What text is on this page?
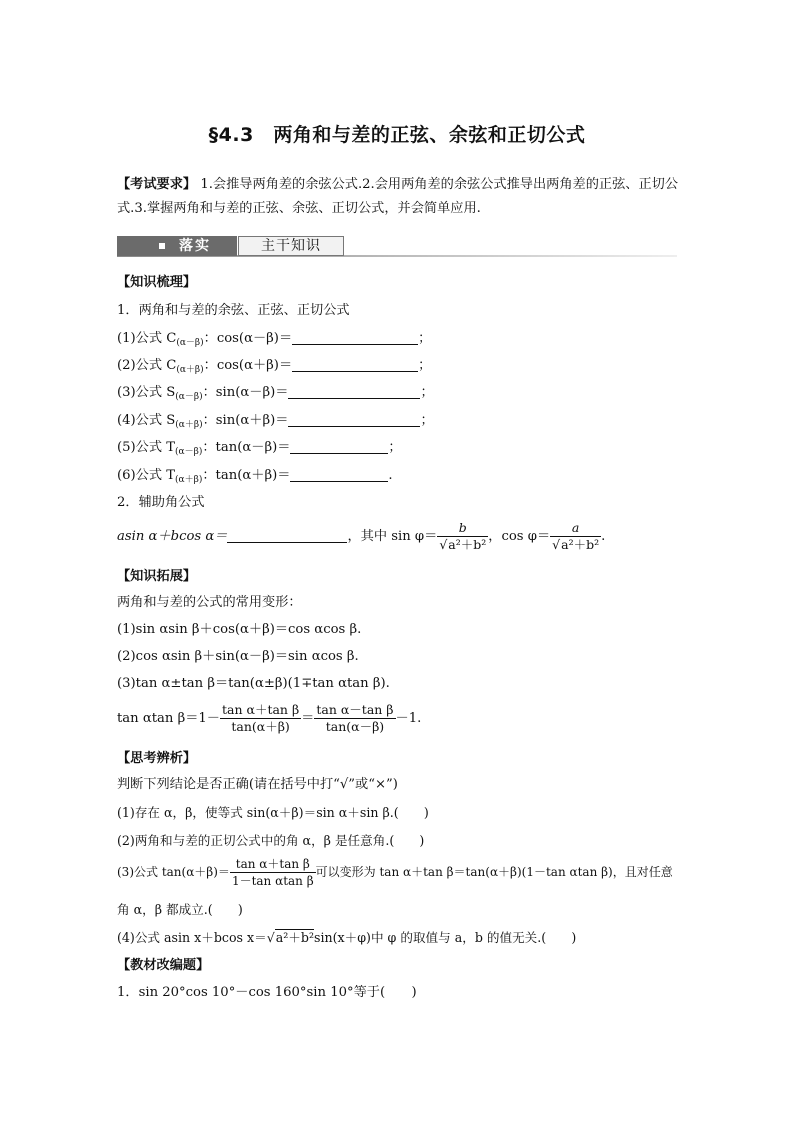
§4.3　两角和与差的正弦、余弦和正切公式
【考试要求】 1.会推导两角差的余弦公式.2.会用两角差的余弦公式推导出两角差的正弦、正切公式.3.掌握两角和与差的正弦、余弦、正切公式，并会简单应用.
落实	主干知识
【知识梳理】
1．两角和与差的余弦、正弦、正切公式
(1)公式 $C_{(\alpha-\beta)}$：cos(α－β)＝	；
(2)公式 $C_{(\alpha+\beta)}$：cos(α＋β)＝	；
(3)公式 $S_{(\alpha-\beta)}$：sin(α－β)＝	；
(4)公式 $S_{(\alpha+\beta)}$：sin(α＋β)＝	；
(5)公式 $T_{(\alpha-\beta)}$：tan(α－β)＝	；
(6)公式 $T_{(\alpha+\beta)}$：tan(α＋β)＝	.
2．辅助角公式
asin α＋bcos α＝	，其中 $\sin \varphi= \frac{b}{\text{√a²＋b²}}$ ，$\cos \varphi= \frac{a}{\text{√a²＋b²}}$ .
【知识拓展】
两角和与差的公式的常用变形：
(1)sin αsin β＋cos(α＋β)＝cos αcos β.
(2)cos αsin β＋sin(α－β)＝sin αcos β.
(3)tan α±tan β＝tan(α±β)(1∓tan αtan β).
tan αtan $\beta=1- \frac{\text{tan α＋tan β}}{\tan(\alpha+\beta)} = \frac{\text{tan α－tan β}}{\tan(\alpha-\beta)} -1$.
【思考辨析】
判断下列结论是否正确(请在括号中打“√”或“×”)
(1)存在 α，β，使等式 sin(α＋β)＝sin α＋sin β.(　　)
(2)两角和与差的正切公式中的角 α，β 是任意角.(　　)
(3)公式 $\tan(\alpha+\beta)= \frac{\text{tan α＋tan β}}{\text{1－tan αtan β}}$ 可以变形为 tan α＋tan β＝tan(α＋β)(1－tan αtan β)，且对任意
角 α，β 都成立.(　　)
(4)公式 asin x＋bcos x＝√a²＋b²sin(x＋φ)中 φ 的取值与 a，b 的值无关.(　　)
【教材改编题】
1．sin 20°cos 10°－cos 160°sin 10°等于(　　)
